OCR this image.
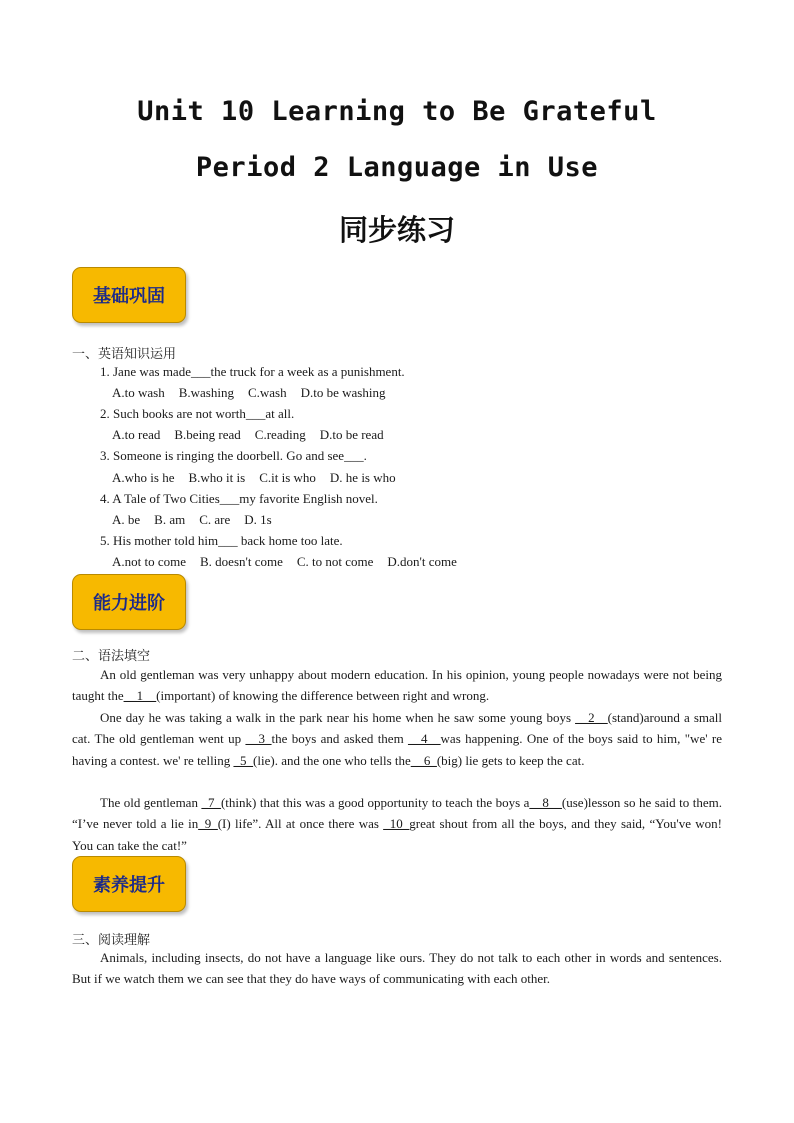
Unit 10 Learning to Be Grateful
Period 2 Language in Use
同步练习
基础巩固
一、英语知识运用
1. Jane was made___the truck for a week as a punishment.
A.to wash B.washing C.wash D.to be washing
2. Such books are not worth___at all.
A.to read B.being read C.reading D.to be read
3. Someone is ringing the doorbell. Go and see___.
A.who is he B.who it is C.it is who D. he is who
4. A Tale of Two Cities___my favorite English novel.
A. be B. am C. are D. 1s
5. His mother told him___ back home too late.
A.not to come B. doesn't come C. to not come D.don't come
能力进阶
二、语法填空
An old gentleman was very unhappy about modern education. In his opinion, young people nowadays were not being taught the__1__(important) of knowing the difference between right and wrong.
One day he was taking a walk in the park near his home when he saw some young boys __2__(stand)around a small cat. The old gentleman went up __3_the boys and asked them __4__was happening. One of the boys said to him, "we' re having a contest. we' re telling _5_(lie). and the one who tells the__6_(big) lie gets to keep the cat.
The old gentleman _7_(think) that this was a good opportunity to teach the boys a__8__(use)lesson so he said to them. “I’ve never told a lie in_9_(I) life”. All at once there was _10_great shout from all the boys, and they said, “You've won! You can take the cat!”
素养提升
三、阅读理解
Animals, including insects, do not have a language like ours. They do not talk to each other in words and sentences. But if we watch them we can see that they do have ways of communicating with each other.
